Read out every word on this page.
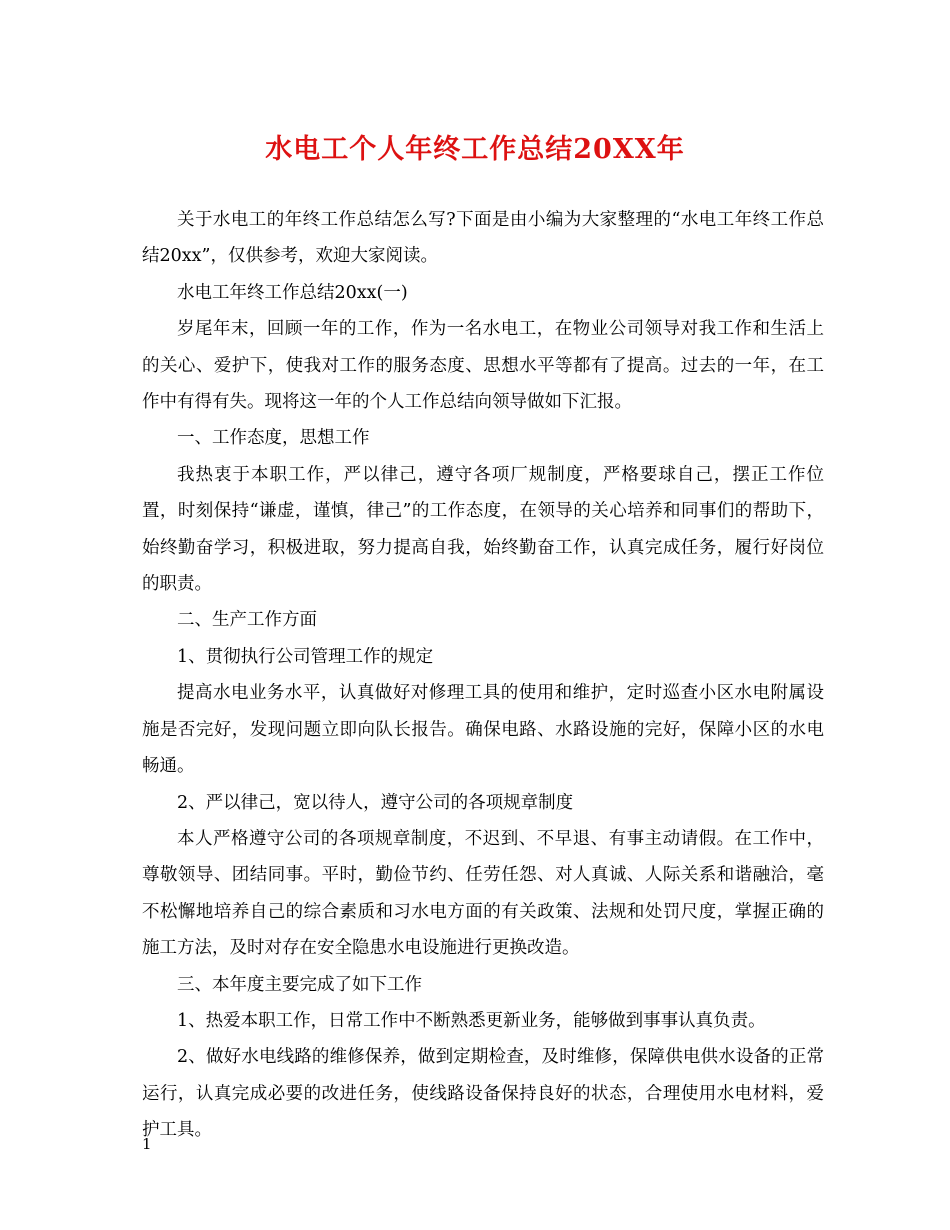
水电工个人年终工作总结20XX年

关于水电工的年终工作总结怎么写?下面是由小编为大家整理的“水电工年终工作总结20xx”，仅供参考，欢迎大家阅读。

水电工年终工作总结20xx(一)

岁尾年末，回顾一年的工作，作为一名水电工，在物业公司领导对我工作和生活上的关心、爱护下，使我对工作的服务态度、思想水平等都有了提高。过去的一年，在工作中有得有失。现将这一年的个人工作总结向领导做如下汇报。

一、工作态度，思想工作

我热衷于本职工作，严以律己，遵守各项厂规制度，严格要球自己，摆正工作位置，时刻保持“谦虚，谨慎，律己”的工作态度，在领导的关心培养和同事们的帮助下，始终勤奋学习，积极进取，努力提高自我，始终勤奋工作，认真完成任务，履行好岗位的职责。

二、生产工作方面

1、贯彻执行公司管理工作的规定

提高水电业务水平，认真做好对修理工具的使用和维护，定时巡查小区水电附属设施是否完好，发现问题立即向队长报告。确保电路、水路设施的完好，保障小区的水电畅通。

2、严以律己，宽以待人，遵守公司的各项规章制度

本人严格遵守公司的各项规章制度，不迟到、不早退、有事主动请假。在工作中，尊敬领导、团结同事。平时，勤俭节约、任劳任怨、对人真诚、人际关系和谐融洽，毫不松懈地培养自己的综合素质和习水电方面的有关政策、法规和处罚尺度，掌握正确的施工方法，及时对存在安全隐患水电设施进行更换改造。

三、本年度主要完成了如下工作

1、热爱本职工作，日常工作中不断熟悉更新业务，能够做到事事认真负责。

2、做好水电线路的维修保养，做到定期检查，及时维修，保障供电供水设备的正常运行，认真完成必要的改进任务，使线路设备保持良好的状态，合理使用水电材料，爱护工具。

1
